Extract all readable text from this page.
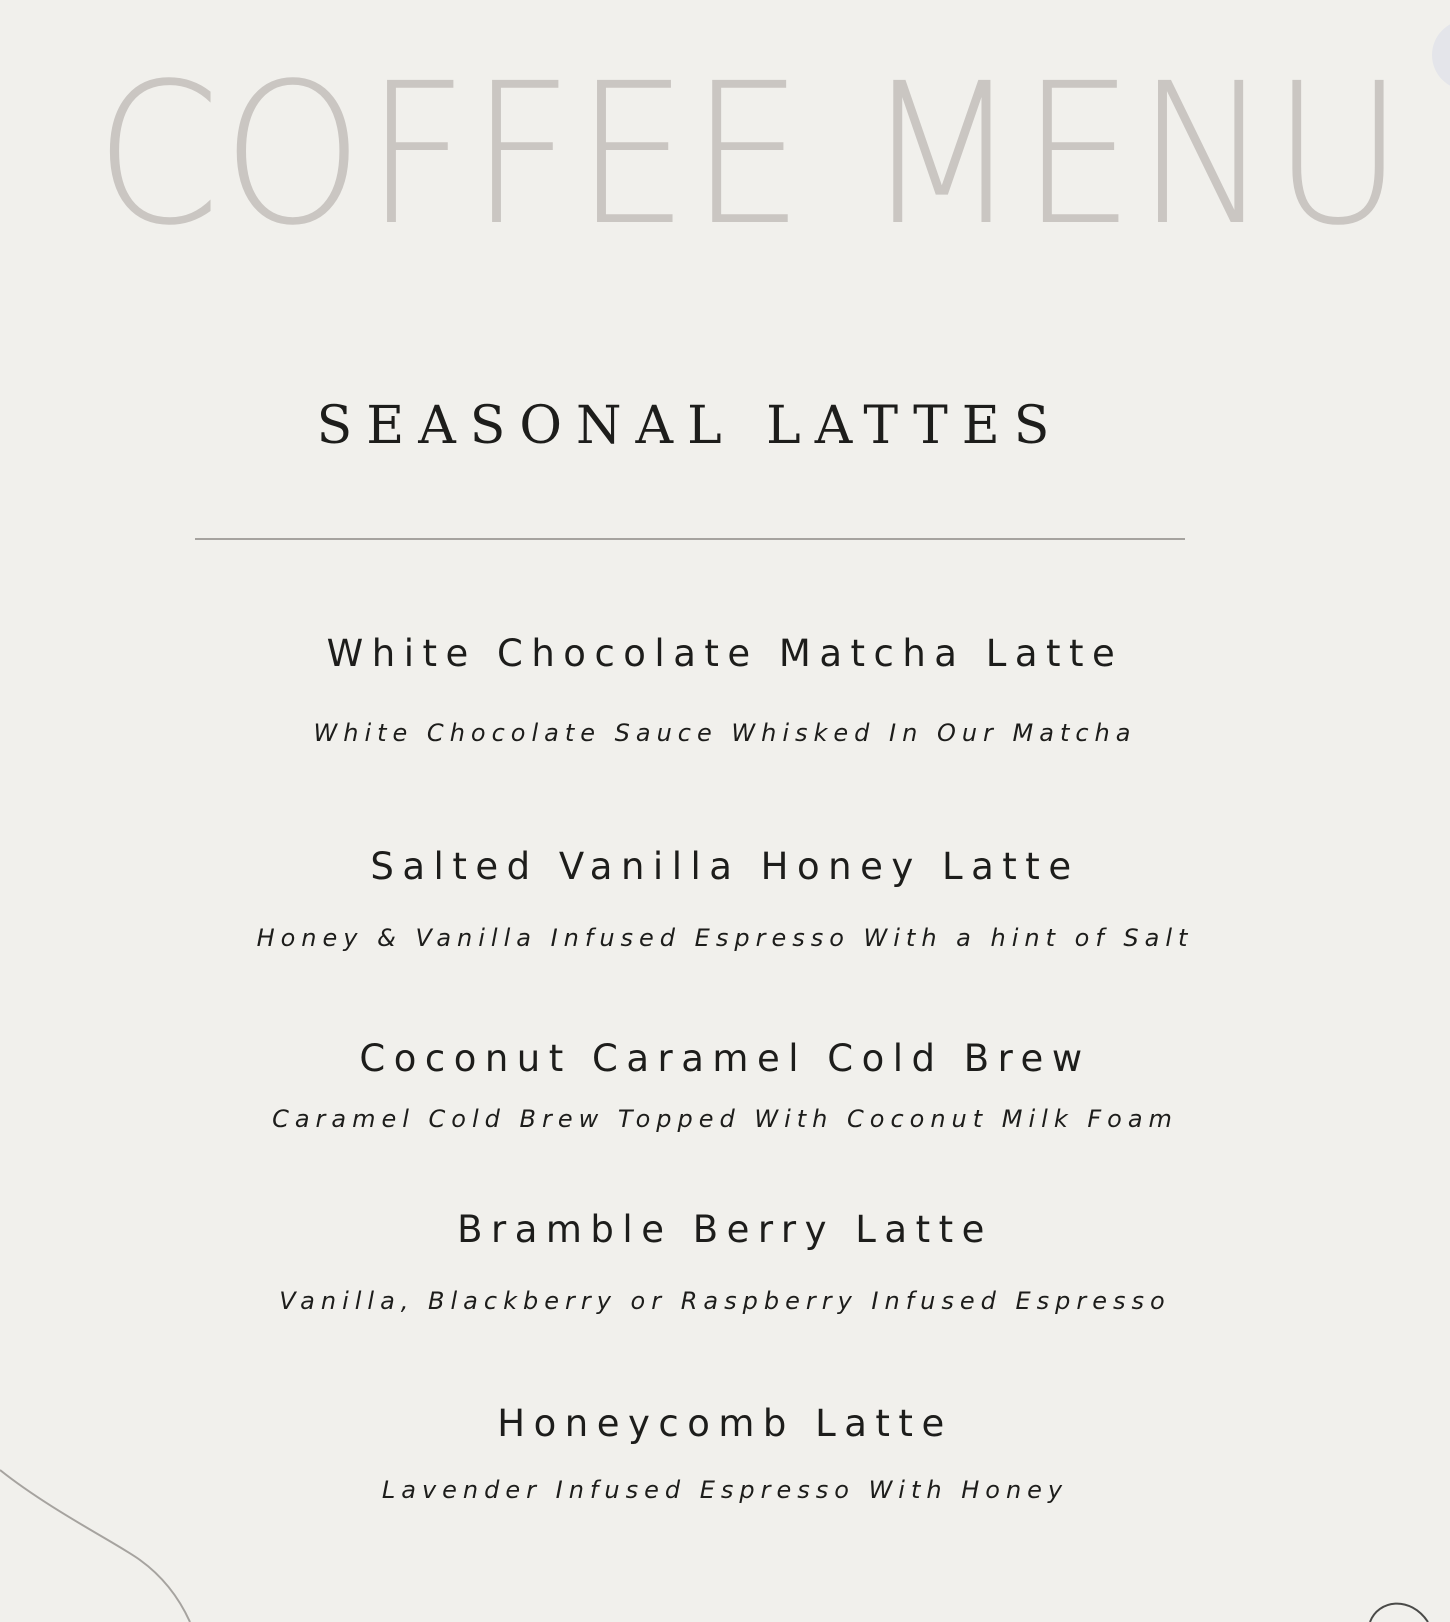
COFFEE MENU
SEASONAL LATTES
White Chocolate Matcha Latte
White Chocolate Sauce Whisked In Our Matcha
Salted Vanilla Honey Latte
Honey & Vanilla Infused Espresso With a hint of Salt
Coconut Caramel Cold Brew
Caramel Cold Brew Topped With Coconut Milk Foam
Bramble Berry Latte
Vanilla, Blackberry or Raspberry Infused Espresso
Honeycomb Latte
Lavender Infused Espresso With Honey
